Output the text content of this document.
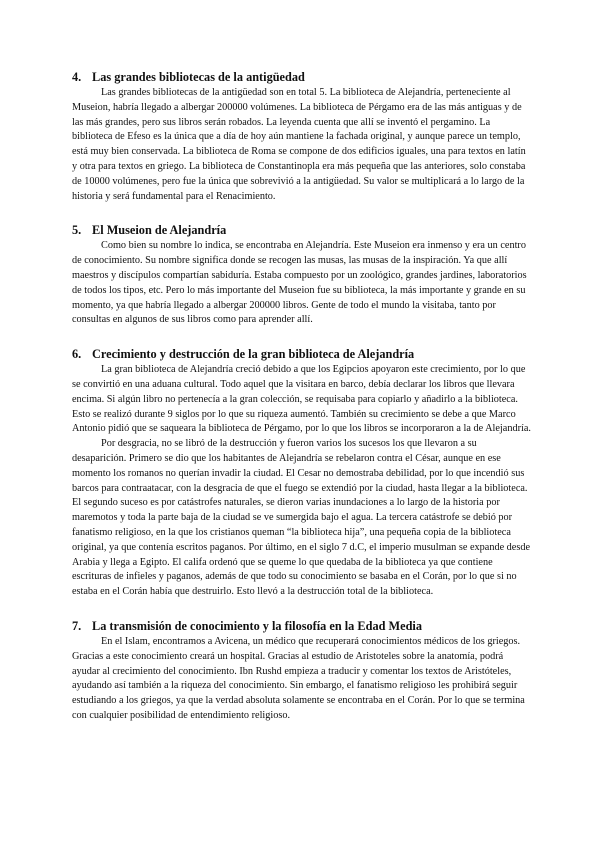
4. Las grandes bibliotecas de la antigüedad

Las grandes bibliotecas de la antigüedad son en total 5. La biblioteca de Alejandría, perteneciente al Museion, habría llegado a albergar 200000 volúmenes. La biblioteca de Pérgamo era de las más antiguas y de las más grandes, pero sus libros serán robados. La leyenda cuenta que allí se inventó el pergamino. La biblioteca de Efeso es la única que a día de hoy aún mantiene la fachada original, y aunque parece un templo, está muy bien conservada. La biblioteca de Roma se compone de dos edificios iguales, una para textos en latín y otra para textos en griego. La biblioteca de Constantinopla era más pequeña que las anteriores, solo constaba de 10000 volúmenes, pero fue la única que sobrevivió a la antigüedad. Su valor se multiplicará a lo largo de la historia y será fundamental para el Renacimiento.

5. El Museion de Alejandría

Como bien su nombre lo indica, se encontraba en Alejandría. Este Museion era inmenso y era un centro de conocimiento. Su nombre significa donde se recogen las musas, las musas de la inspiración. Ya que allí maestros y discípulos compartían sabiduría. Estaba compuesto por un zoológico, grandes jardines, laboratorios de todos los tipos, etc. Pero lo más importante del Museion fue su biblioteca, la más importante y grande en su momento, ya que habría llegado a albergar 200000 libros. Gente de todo el mundo la visitaba, tanto por consultas en algunos de sus libros como para aprender allí.

6. Crecimiento y destrucción de la gran biblioteca de Alejandría

La gran biblioteca de Alejandría creció debido a que los Egipcios apoyaron este crecimiento, por lo que se convirtió en una aduana cultural. Todo aquel que la visitara en barco, debía declarar los libros que llevara encima. Si algún libro no pertenecía a la gran colección, se requisaba para copiarlo y añadirlo a la biblioteca. Esto se realizó durante 9 siglos por lo que su riqueza aumentó. También su crecimiento se debe a que Marco Antonio pidió que se saqueara la biblioteca de Pérgamo, por lo que los libros se incorporaron a la de Alejandría.

Por desgracia, no se libró de la destrucción y fueron varios los sucesos los que llevaron a su desaparición. Primero se dio que los habitantes de Alejandría se rebelaron contra el César, aunque en ese momento los romanos no querían invadir la ciudad. El Cesar no demostraba debilidad, por lo que incendió sus barcos para contraatacar, con la desgracia de que el fuego se extendió por la ciudad, hasta llegar a la biblioteca. El segundo suceso es por catástrofes naturales, se dieron varias inundaciones a lo largo de la historia por maremotos y toda la parte baja de la ciudad se ve sumergida bajo el agua. La tercera catástrofe se debió por fanatismo religioso, en la que los cristianos queman “la biblioteca hija”, una pequeña copia de la biblioteca original, ya que contenía escritos paganos. Por último, en el siglo 7 d.C, el imperio musulman se expande desde Arabia y llega a Egipto. El califa ordenó que se queme lo que quedaba de la biblioteca ya que contiene escrituras de infieles y paganos, además de que todo su conocimiento se basaba en el Corán, por lo que si no estaba en el Corán había que destruirlo. Esto llevó a la destrucción total de la biblioteca.

7. La transmisión de conocimiento y la filosofía en la Edad Media

En el Islam, encontramos a Avicena, un médico que recuperará conocimientos médicos de los griegos. Gracias a este conocimiento creará un hospital. Gracias al estudio de Aristoteles sobre la anatomía, podrá ayudar al crecimiento del conocimiento. Ibn Rushd empieza a traducir y comentar los textos de Aristóteles, ayudando así también a la riqueza del conocimiento. Sin embargo, el fanatismo religioso les prohibirá seguir estudiando a los griegos, ya que la verdad absoluta solamente se encontraba en el Corán. Por lo que se termina con cualquier posibilidad de entendimiento religioso.
